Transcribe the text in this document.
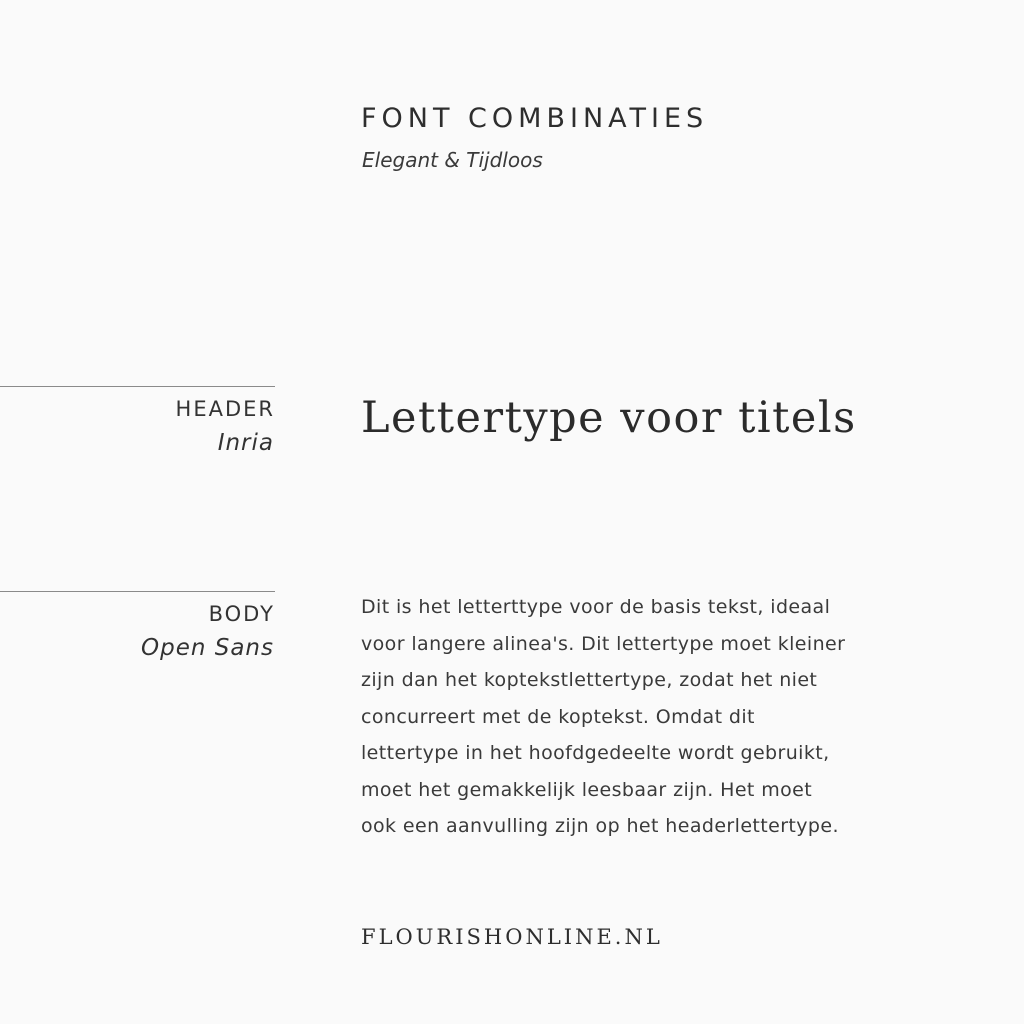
FONT COMBINATIES
Elegant & Tijdloos
HEADER
Inria Lettertype voor titels
BODY
Open Sans
Dit is het letterttype voor de basis tekst, ideaal
voor langere alinea's. Dit lettertype moet kleiner
zijn dan het koptekstlettertype, zodat het niet
concurreert met de koptekst. Omdat dit
lettertype in het hoofdgedeelte wordt gebruikt,
moet het gemakkelijk leesbaar zijn. Het moet
ook een aanvulling zijn op het headerlettertype.
FLOURISHONLINE.NL
